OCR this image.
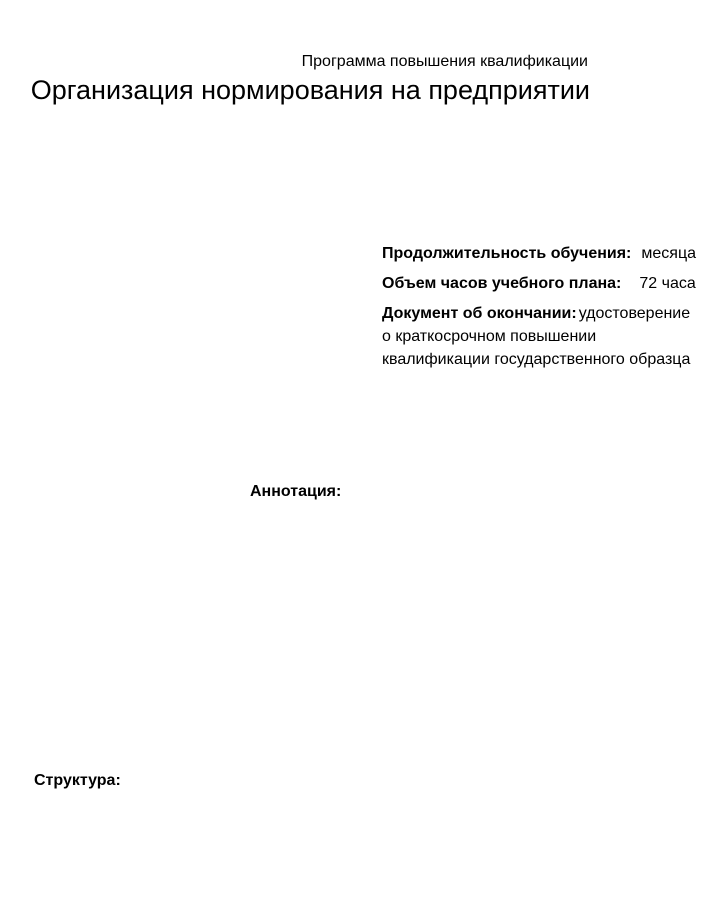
Программа повышения квалификации
Организация нормирования на предприятии
Продолжительность обучения: месяца
Объем часов учебного плана: 72 часа
Документ об окончании: удостоверение о краткосрочном повышении квалификации государственного образца
Аннотация:
Структура:
